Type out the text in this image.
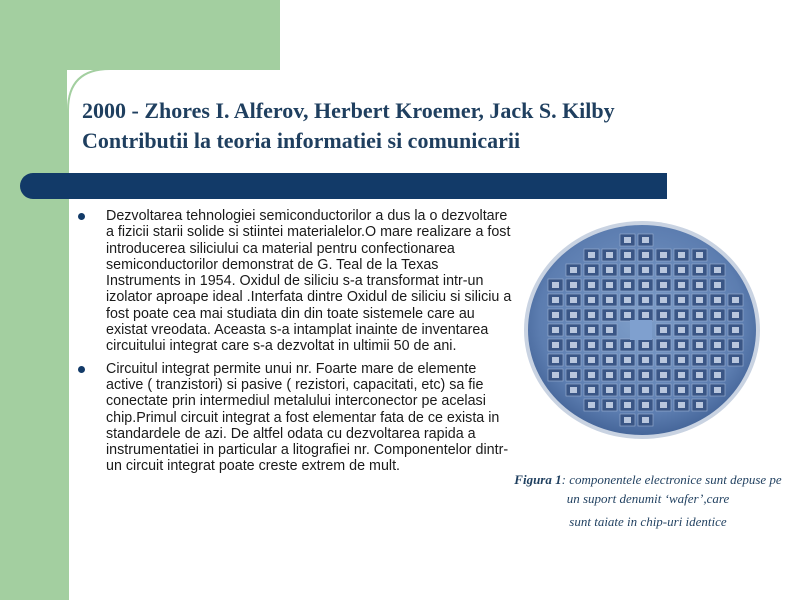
2000 - Zhores I. Alferov, Herbert Kroemer, Jack S. Kilby
Contributii la teoria informatiei si comunicarii
Dezvoltarea tehnologiei semiconductorilor a dus la o dezvoltare a fizicii starii solide si stiintei materialelor.O mare realizare a fost introducerea siliciului ca material pentru confectionarea semiconductorilor demonstrat de G. Teal de la Texas Instruments in 1954. Oxidul de siliciu s-a transformat intr-un izolator aproape ideal .Interfata dintre Oxidul de siliciu si siliciu a fost poate cea mai studiata din din toate sistemele care au existat vreodata. Aceasta s-a intamplat inainte de inventarea circuitului integrat care s-a dezvoltat in ultimii 50 de ani.
Circuitul integrat permite unui nr. Foarte mare de elemente active ( tranzistori) si pasive ( rezistori, capacitati, etc) sa fie conectate prin intermediul metalului interconector pe acelasi chip.Primul circuit integrat a fost elementar fata de ce exista in standardele de azi. De altfel odata cu dezvoltarea rapida a instrumentatiei in particular a litografiei nr. Componentelor dintr-un circuit integrat poate creste extrem de mult.
Figura 1: componentele electronice sunt depuse pe un suport denumit ‘wafer’,care
sunt taiate in chip-uri identice
